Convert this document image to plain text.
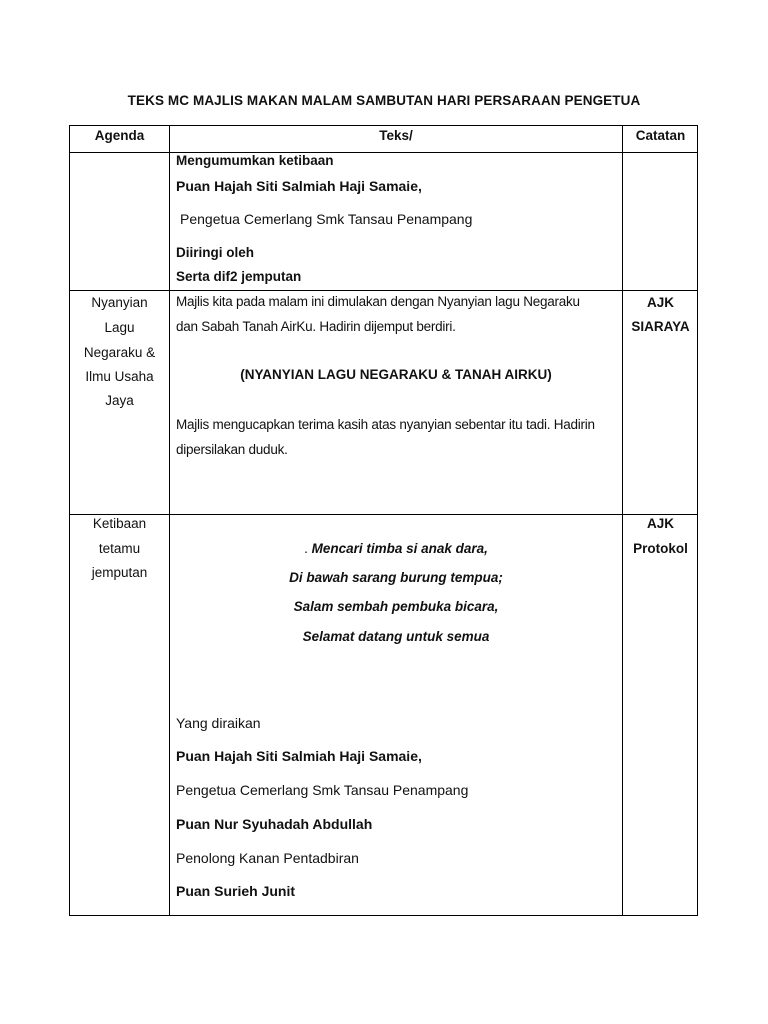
TEKS MC MAJLIS MAKAN MALAM SAMBUTAN HARI PERSARAAN PENGETUA
Agenda	Teks/	Catatan
Mengumumkan ketibaan
Puan Hajah Siti Salmiah Haji Samaie,
Pengetua Cemerlang Smk Tansau Penampang
Diiringi oleh
Serta dif2 jemputan
Nyanyian
Lagu
Negaraku &
Ilmu Usaha
Jaya
Majlis kita pada malam ini dimulakan dengan Nyanyian lagu Negaraku
dan Sabah Tanah AirKu. Hadirin dijemput berdiri.
(NYANYIAN LAGU NEGARAKU & TANAH AIRKU)
Majlis mengucapkan terima kasih atas nyanyian sebentar itu tadi. Hadirin
dipersilakan duduk.
AJK
SIARAYA
Ketibaan
tetamu
jemputan
. Mencari timba si anak dara,
Di bawah sarang burung tempua;
Salam sembah pembuka bicara,
Selamat datang untuk semua
Yang diraikan
Puan Hajah Siti Salmiah Haji Samaie,
Pengetua Cemerlang Smk Tansau Penampang
Puan Nur Syuhadah Abdullah
Penolong Kanan Pentadbiran
Puan Surieh Junit
AJK
Protokol
